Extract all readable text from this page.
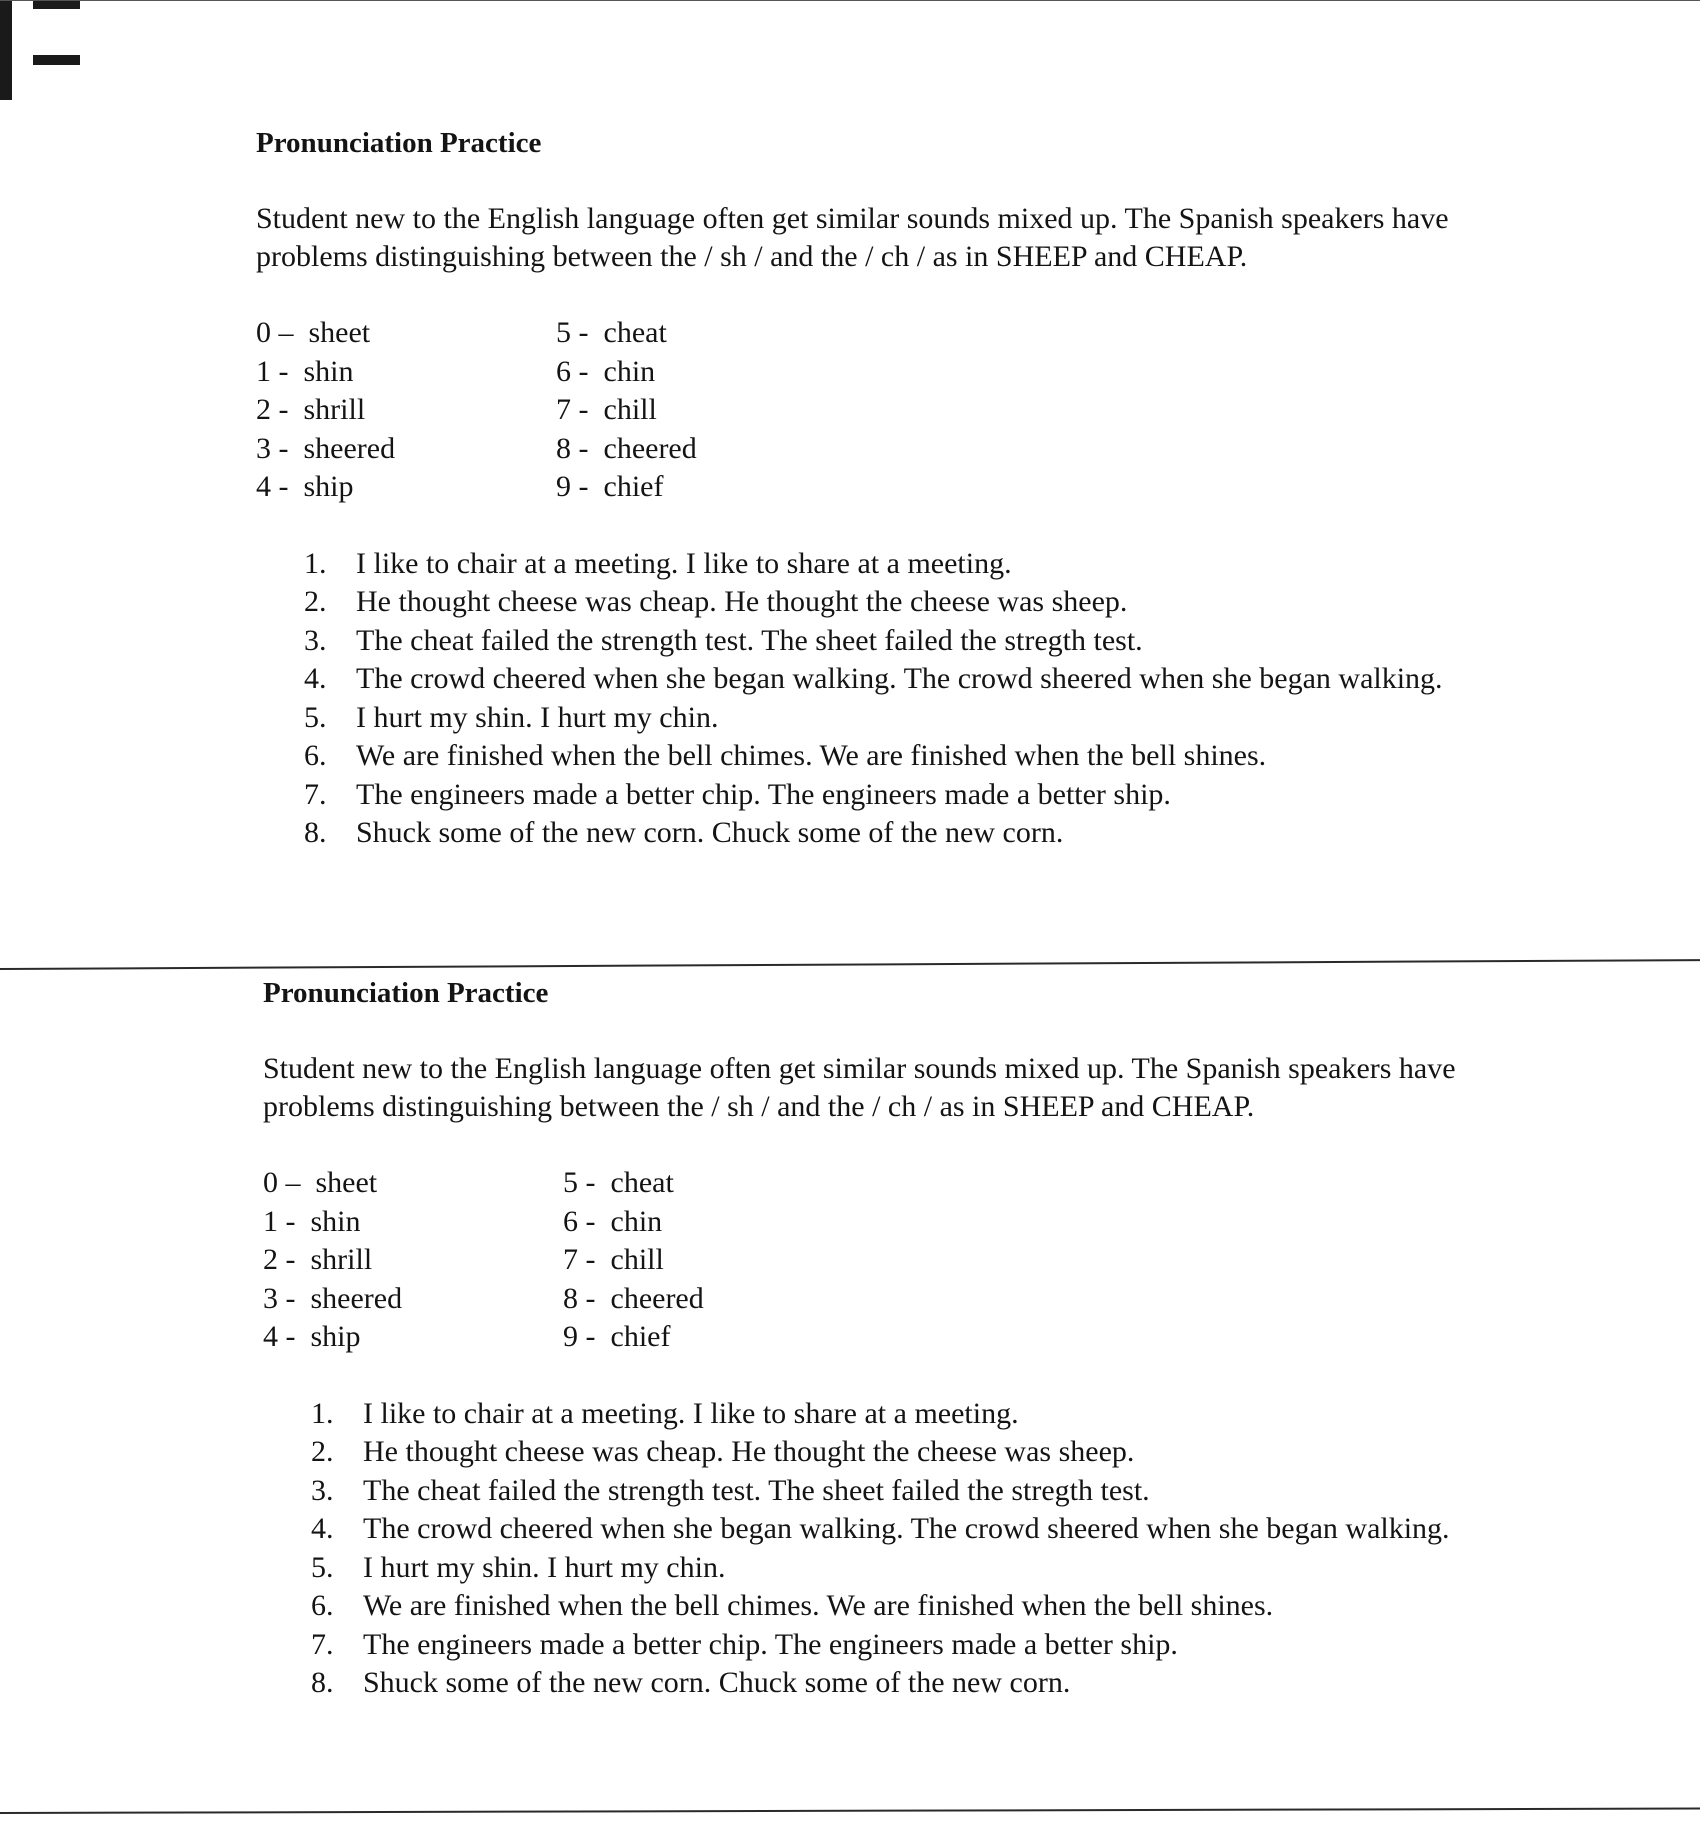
Pronunciation Practice

Student new to the English language often get similar sounds mixed up. The Spanish speakers have problems distinguishing between the / sh / and the / ch / as in SHEEP and CHEAP.

0 – sheet	5 - cheat
1 - shin	6 - chin
2 - shrill	7 - chill
3 - sheered	8 - cheered
4 - ship	9 - chief
1. I like to chair at a meeting. I like to share at a meeting.
2. He thought cheese was cheap. He thought the cheese was sheep.
3. The cheat failed the strength test. The sheet failed the stregth test.
4. The crowd cheered when she began walking. The crowd sheered when she began walking.
5. I hurt my shin. I hurt my chin.
6. We are finished when the bell chimes. We are finished when the bell shines.
7. The engineers made a better chip. The engineers made a better ship.
8. Shuck some of the new corn. Chuck some of the new corn.
Pronunciation Practice

Student new to the English language often get similar sounds mixed up. The Spanish speakers have problems distinguishing between the / sh / and the / ch / as in SHEEP and CHEAP.

0 – sheet	5 - cheat
1 - shin	6 - chin
2 - shrill	7 - chill
3 - sheered	8 - cheered
4 - ship	9 - chief
1. I like to chair at a meeting. I like to share at a meeting.
2. He thought cheese was cheap. He thought the cheese was sheep.
3. The cheat failed the strength test. The sheet failed the stregth test.
4. The crowd cheered when she began walking. The crowd sheered when she began walking.
5. I hurt my shin. I hurt my chin.
6. We are finished when the bell chimes. We are finished when the bell shines.
7. The engineers made a better chip. The engineers made a better ship.
8. Shuck some of the new corn. Chuck some of the new corn.
